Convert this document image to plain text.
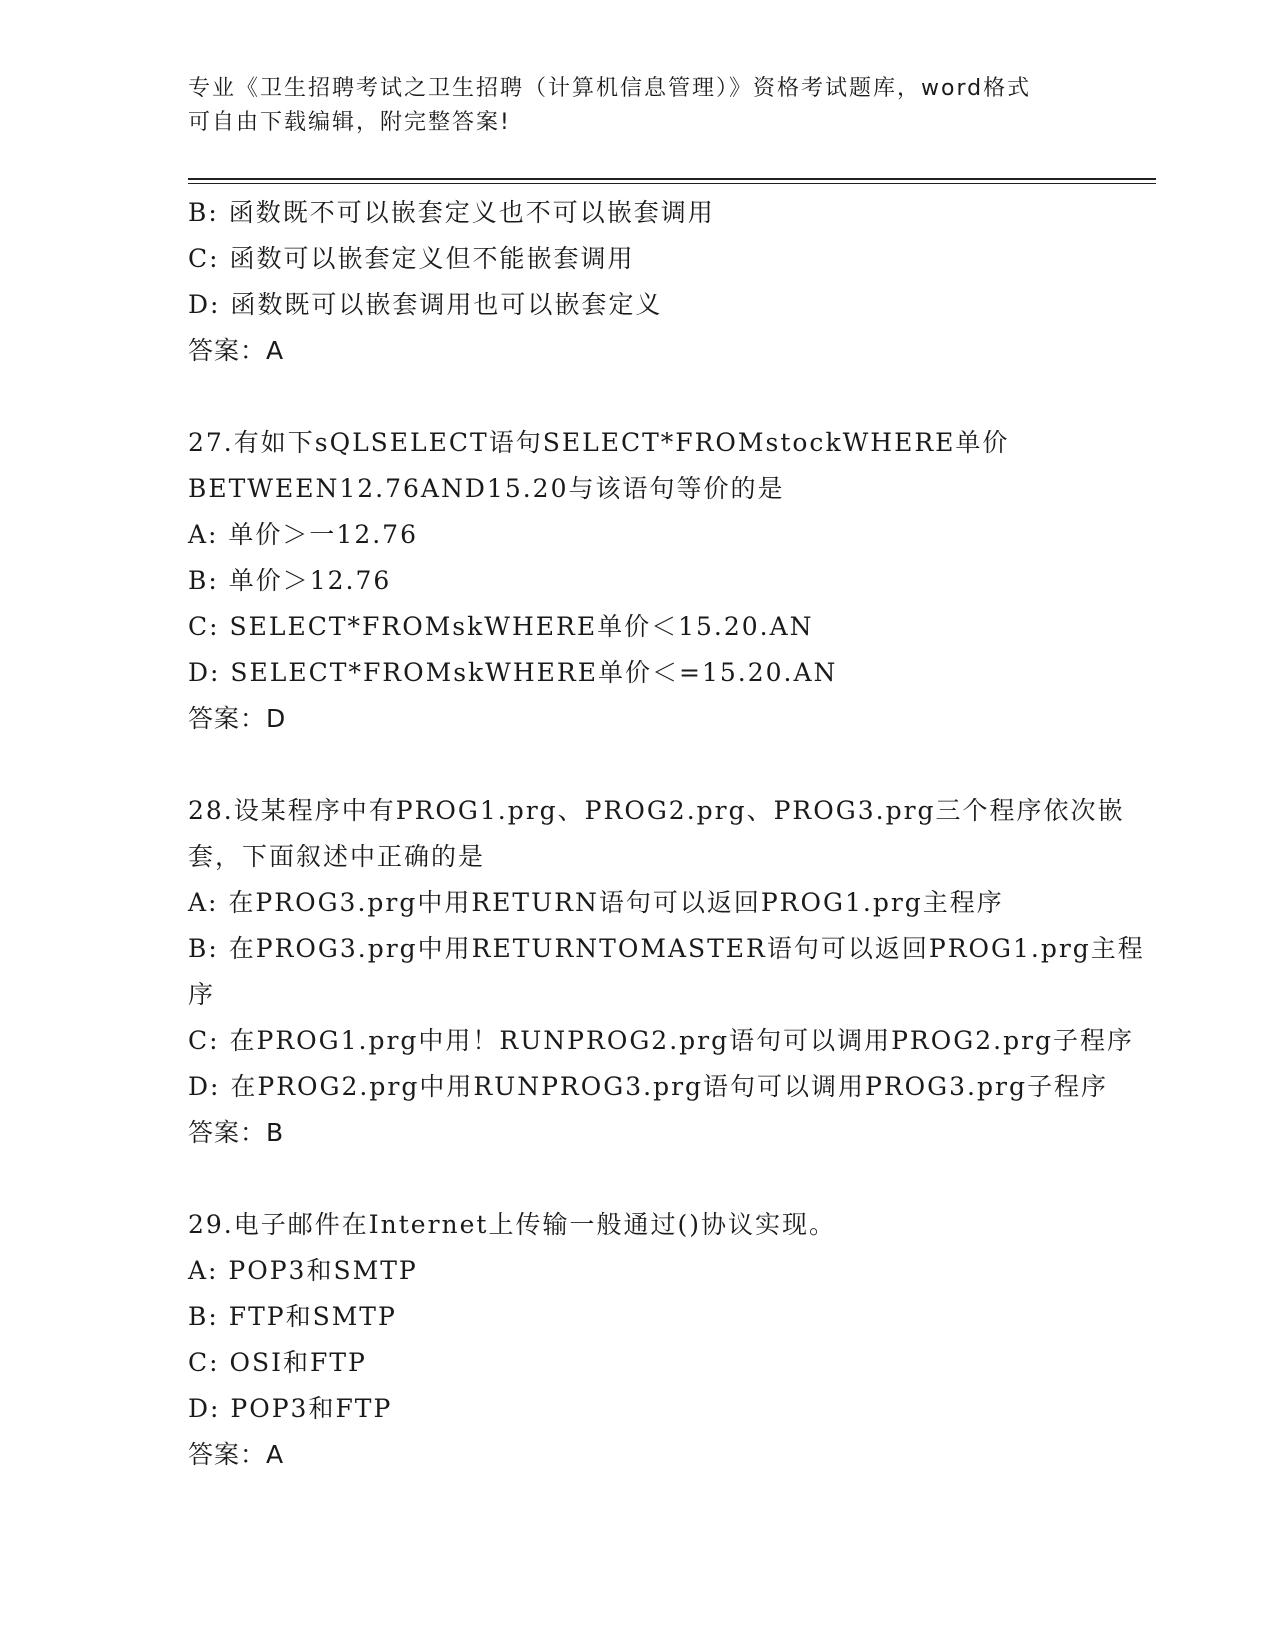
专业《卫生招聘考试之卫生招聘（计算机信息管理）》资格考试题库，word格式
可自由下载编辑，附完整答案!
B: 函数既不可以嵌套定义也不可以嵌套调用
C: 函数可以嵌套定义但不能嵌套调用
D: 函数既可以嵌套调用也可以嵌套定义
答案：A
27.有如下sQLSELECT语句SELECT*FROMstockWHERE单价
BETWEEN12.76AND15.20与该语句等价的是
A: 单价＞一12.76
B: 单价＞12.76
C: SELECT*FROMskWHERE单价＜15.20.AN
D: SELECT*FROMskWHERE单价＜=15.20.AN
答案：D
28.设某程序中有PROG1.prg、PROG2.prg、PROG3.prg三个程序依次嵌
套，下面叙述中正确的是
A: 在PROG3.prg中用RETURN语句可以返回PROG1.prg主程序
B: 在PROG3.prg中用RETURNTOMASTER语句可以返回PROG1.prg主程
序
C: 在PROG1.prg中用！RUNPROG2.prg语句可以调用PROG2.prg子程序
D: 在PROG2.prg中用RUNPROG3.prg语句可以调用PROG3.prg子程序
答案：B
29.电子邮件在Internet上传输一般通过()协议实现。
A: POP3和SMTP
B: FTP和SMTP
C: OSI和FTP
D: POP3和FTP
答案：A
